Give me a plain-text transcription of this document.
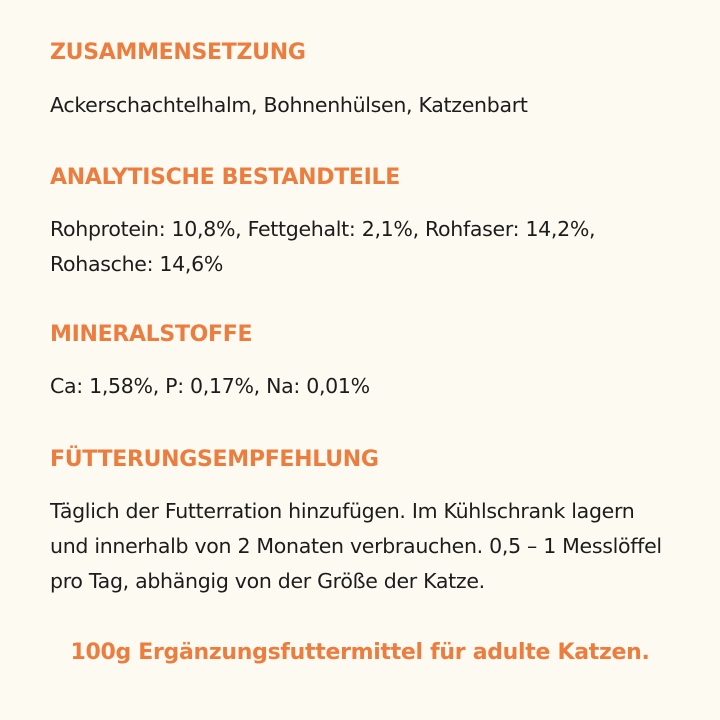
ZUSAMMENSETZUNG

Ackerschachtelhalm, Bohnenhülsen, Katzenbart

ANALYTISCHE BESTANDTEILE

Rohprotein: 10,8%, Fettgehalt: 2,1%, Rohfaser: 14,2%, Rohasche: 14,6%

MINERALSTOFFE

Ca: 1,58%, P: 0,17%, Na: 0,01%

FÜTTERUNGSEMPFEHLUNG

Täglich der Futterration hinzufügen. Im Kühlschrank lagern und innerhalb von 2 Monaten verbrauchen. 0,5 – 1 Messlöffel pro Tag, abhängig von der Größe der Katze.

100g Ergänzungsfuttermittel für adulte Katzen.
